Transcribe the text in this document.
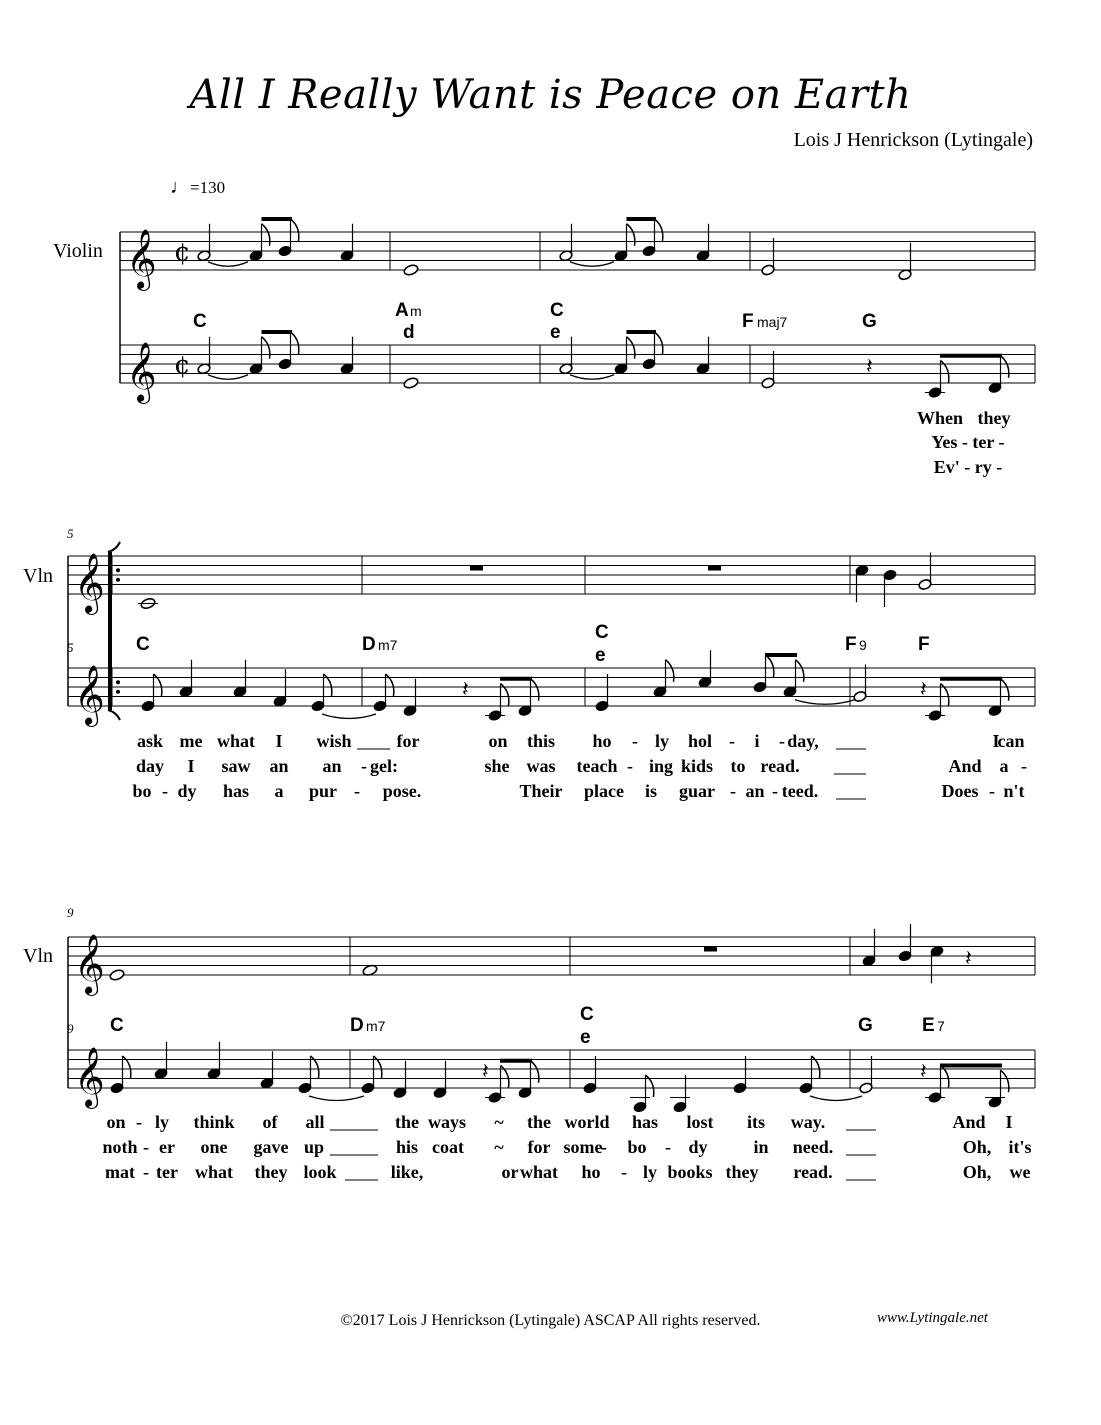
All I Really Want is Peace on Earth
Lois J Henrickson (Lytingale)
♩=130
𝄞
𝄞
¢
¢
𝄞
𝄞
𝄞
𝄞
𝄽
𝄽	𝄽
𝄽
𝄽	𝄽
C
A m
d
C
e
F maj7	G
C	D m7
C
e
F 9	F
C	D m7
C
e
G	E 7
When they
Yes - ter -
Ev' - ry -
ask me what I wish	for	on this ho - ly hol - i - day,	I
can
day I saw an an - gel:	she was teach - ing kids to read.	And a -
bo - dy has a pur - pose.	Their place is guar - an - teed.	Does - n't
on - ly think of all	the ways ~ the world has lost its way.	And I
noth - er one gave up	his coat ~ for some
- bo - dy	in need.	Oh, it's
mat - ter what they look	like,	or what ho - ly books they read.	Oh, we
Violin
Vln
Vln
5
5
9
9
©2017 Lois J Henrickson (Lytingale) ASCAP All rights reserved.	www.Lytingale.net
